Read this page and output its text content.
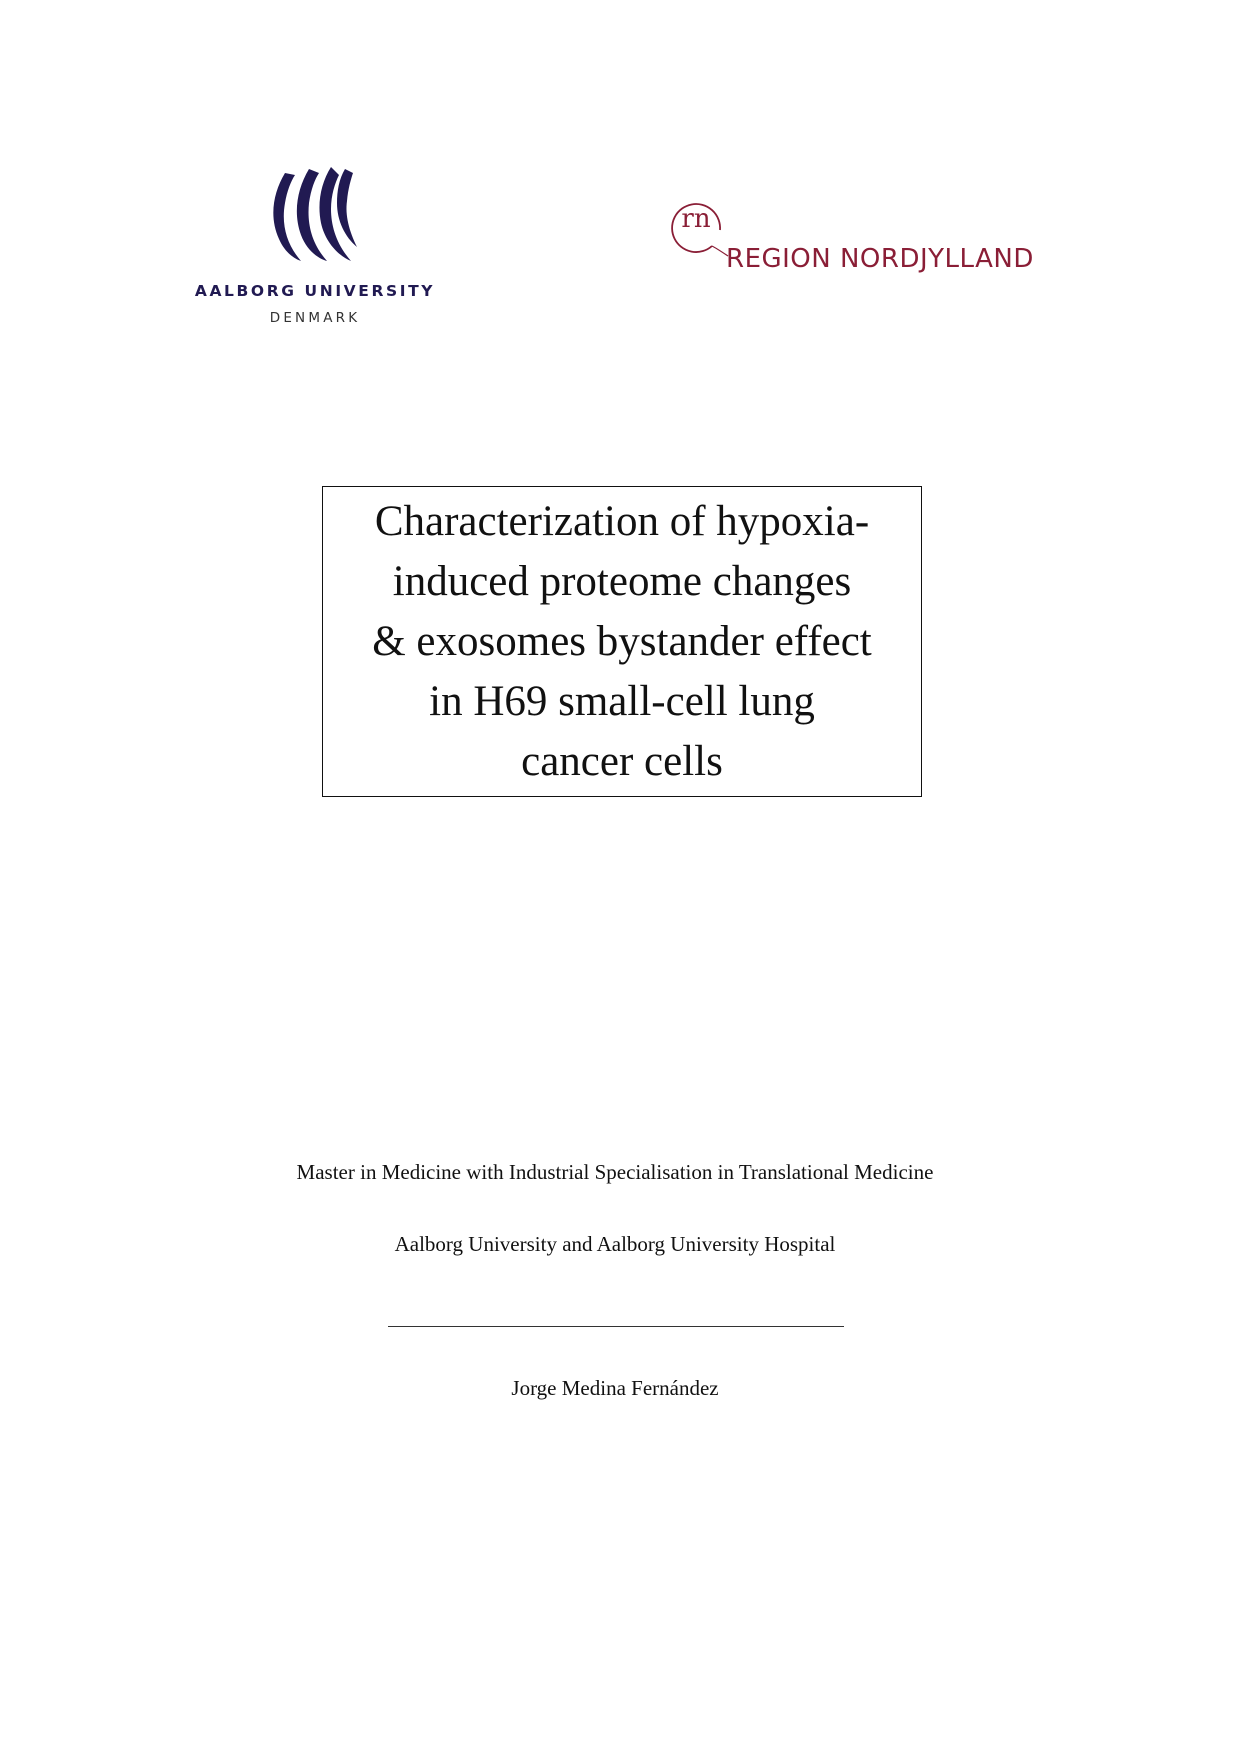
AALBORG UNIVERSITY
DENMARK
rn
REGION NORDJYLLAND
Characterization of hypoxia-
induced proteome changes
& exosomes bystander effect
in H69 small-cell lung
cancer cells
Master in Medicine with Industrial Specialisation in Translational Medicine
Aalborg University and Aalborg University Hospital
Jorge Medina Fernández
